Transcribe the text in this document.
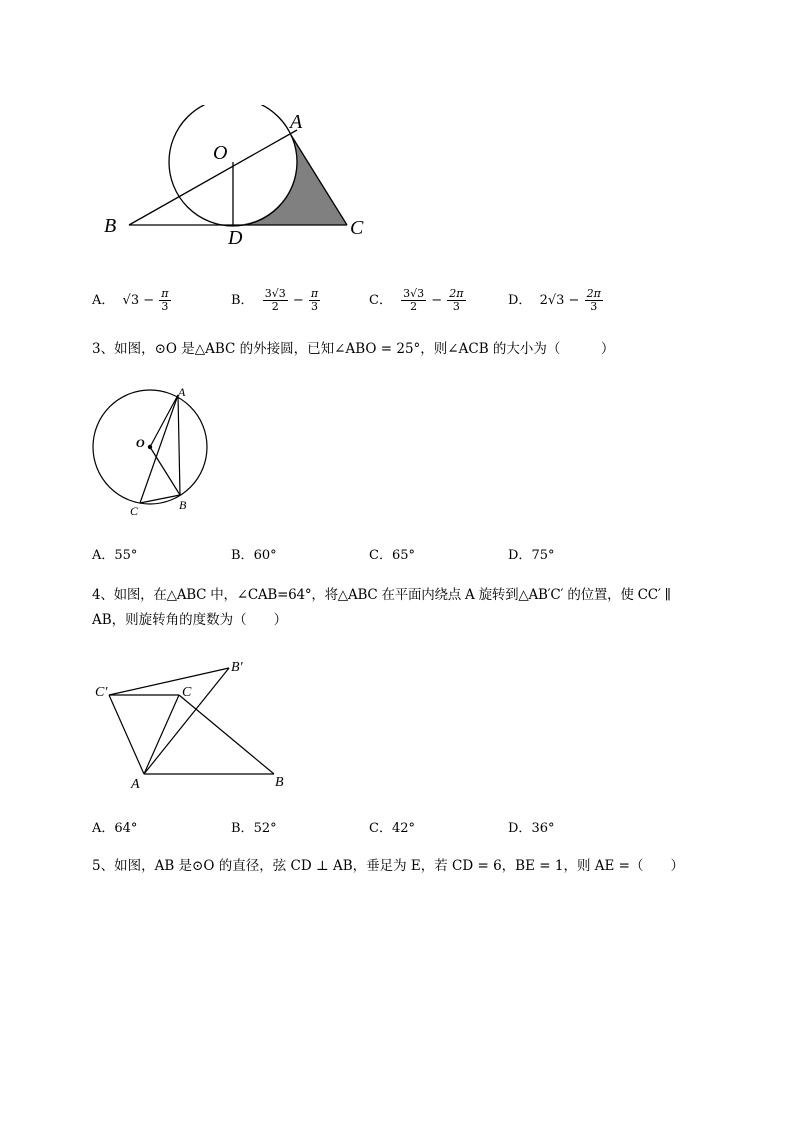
A
O
B
D	C
A． $√3 - \frac{\pi}{3}$	B． $\frac{3√3}{2} - \frac{\pi}{3}$	C． $\frac{3√3}{2} - \frac{2\pi}{3}$	D． $2√3 - \frac{2\pi}{3}$
3、如图，⊙O 是△ABC 的外接圆，已知∠ABO = 25°，则∠ACB 的大小为（　　　）
A
O
B
C
A．55°	B．60°	C．65°	D．75°
4、如图，在△ABC 中，∠CAB=64°，将△ABC 在平面内绕点 A 旋转到△AB′C′ 的位置，使 CC′ ∥
AB，则旋转角的度数为（　　）
C′	C
B′
A	B
A．64°	B．52°	C．42°	D．36°
5、如图，AB 是⊙O 的直径，弦 CD ⊥ AB，垂足为 E，若 CD = 6，BE = 1，则 AE =（　　）
